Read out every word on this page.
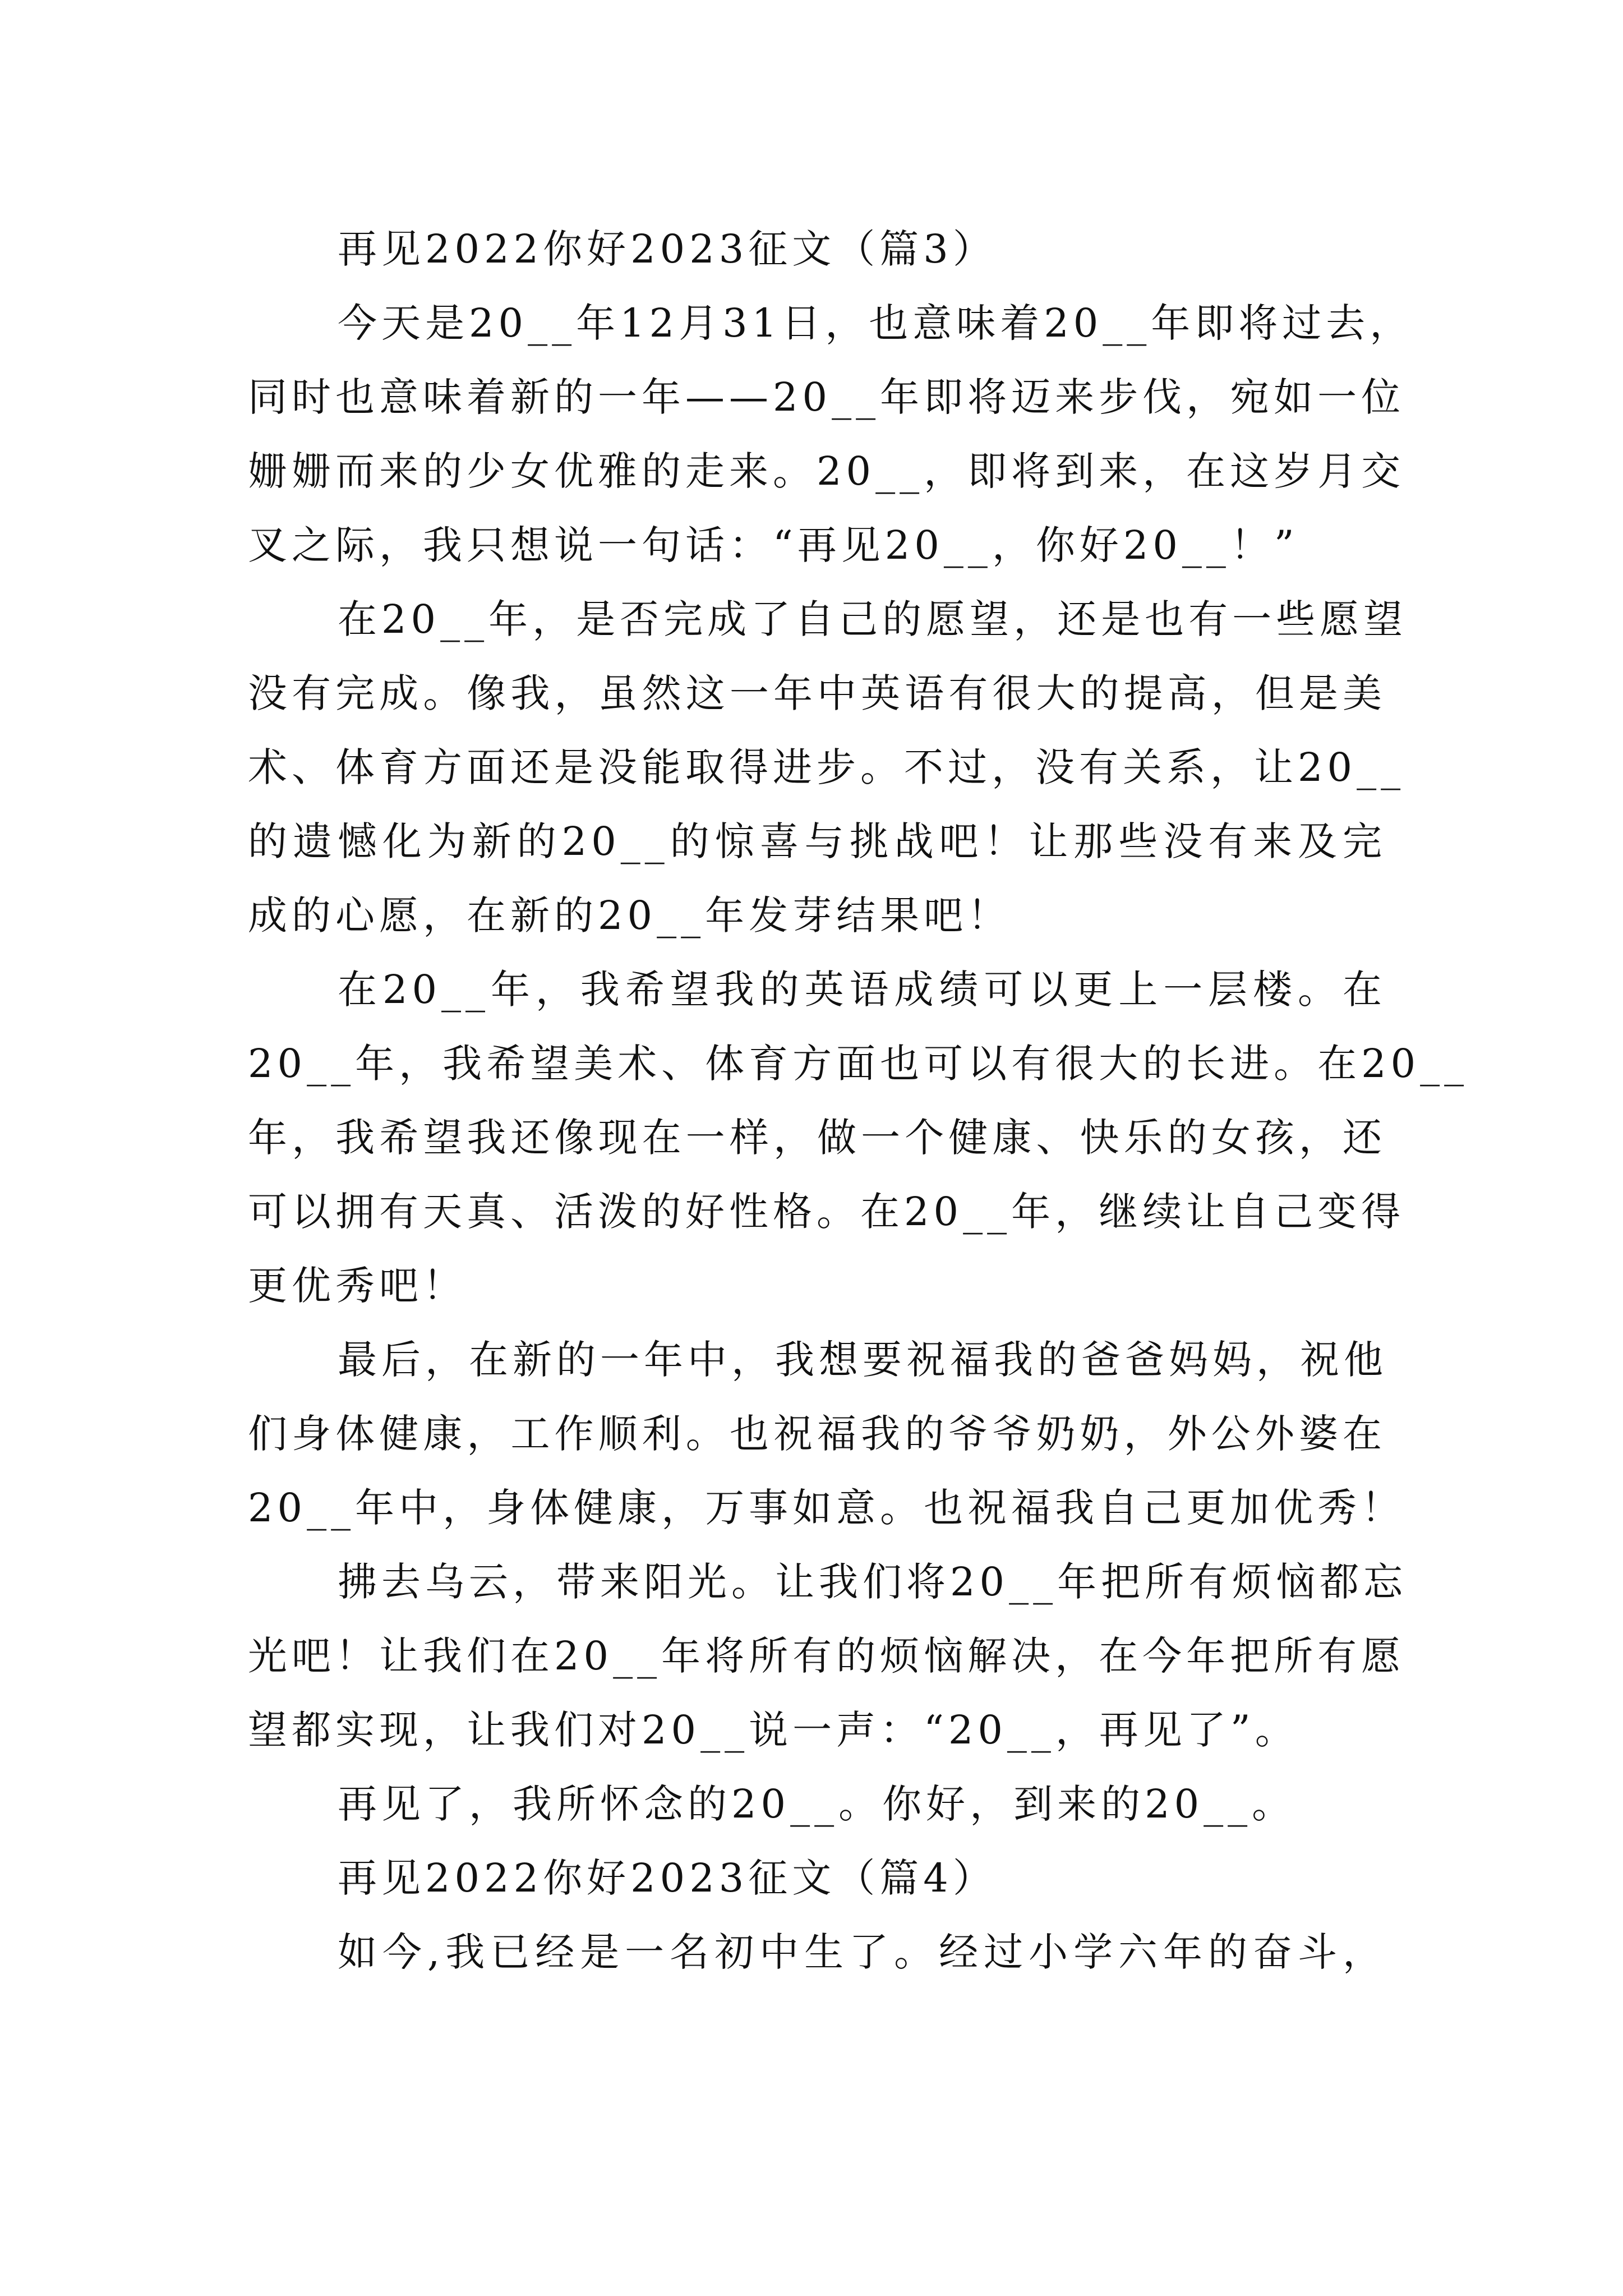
再见2022你好2023征文（篇3）
今天是20__年12月31日，也意味着20__年即将过去，
同时也意味着新的一年——20__年即将迈来步伐，宛如一位
姗姗而来的少女优雅的走来。20__，即将到来，在这岁月交
叉之际，我只想说一句话：“再见20__，你好20__！”
在20__年，是否完成了自己的愿望，还是也有一些愿望
没有完成。像我，虽然这一年中英语有很大的提高，但是美
术、体育方面还是没能取得进步。不过，没有关系，让20__
的遗憾化为新的20__的惊喜与挑战吧！让那些没有来及完
成的心愿，在新的20__年发芽结果吧！
在20__年，我希望我的英语成绩可以更上一层楼。在
20__年，我希望美术、体育方面也可以有很大的长进。在20__
年，我希望我还像现在一样，做一个健康、快乐的女孩，还
可以拥有天真、活泼的好性格。在20__年，继续让自己变得
更优秀吧！
最后，在新的一年中，我想要祝福我的爸爸妈妈，祝他
们身体健康，工作顺利。也祝福我的爷爷奶奶，外公外婆在
20__年中，身体健康，万事如意。也祝福我自己更加优秀！
拂去乌云，带来阳光。让我们将20__年把所有烦恼都忘
光吧！让我们在20__年将所有的烦恼解决，在今年把所有愿
望都实现，让我们对20__说一声：“20__，再见了”。
再见了，我所怀念的20__。你好，到来的20__。
再见2022你好2023征文（篇4）
如今,我已经是一名初中生了。经过小学六年的奋斗，
